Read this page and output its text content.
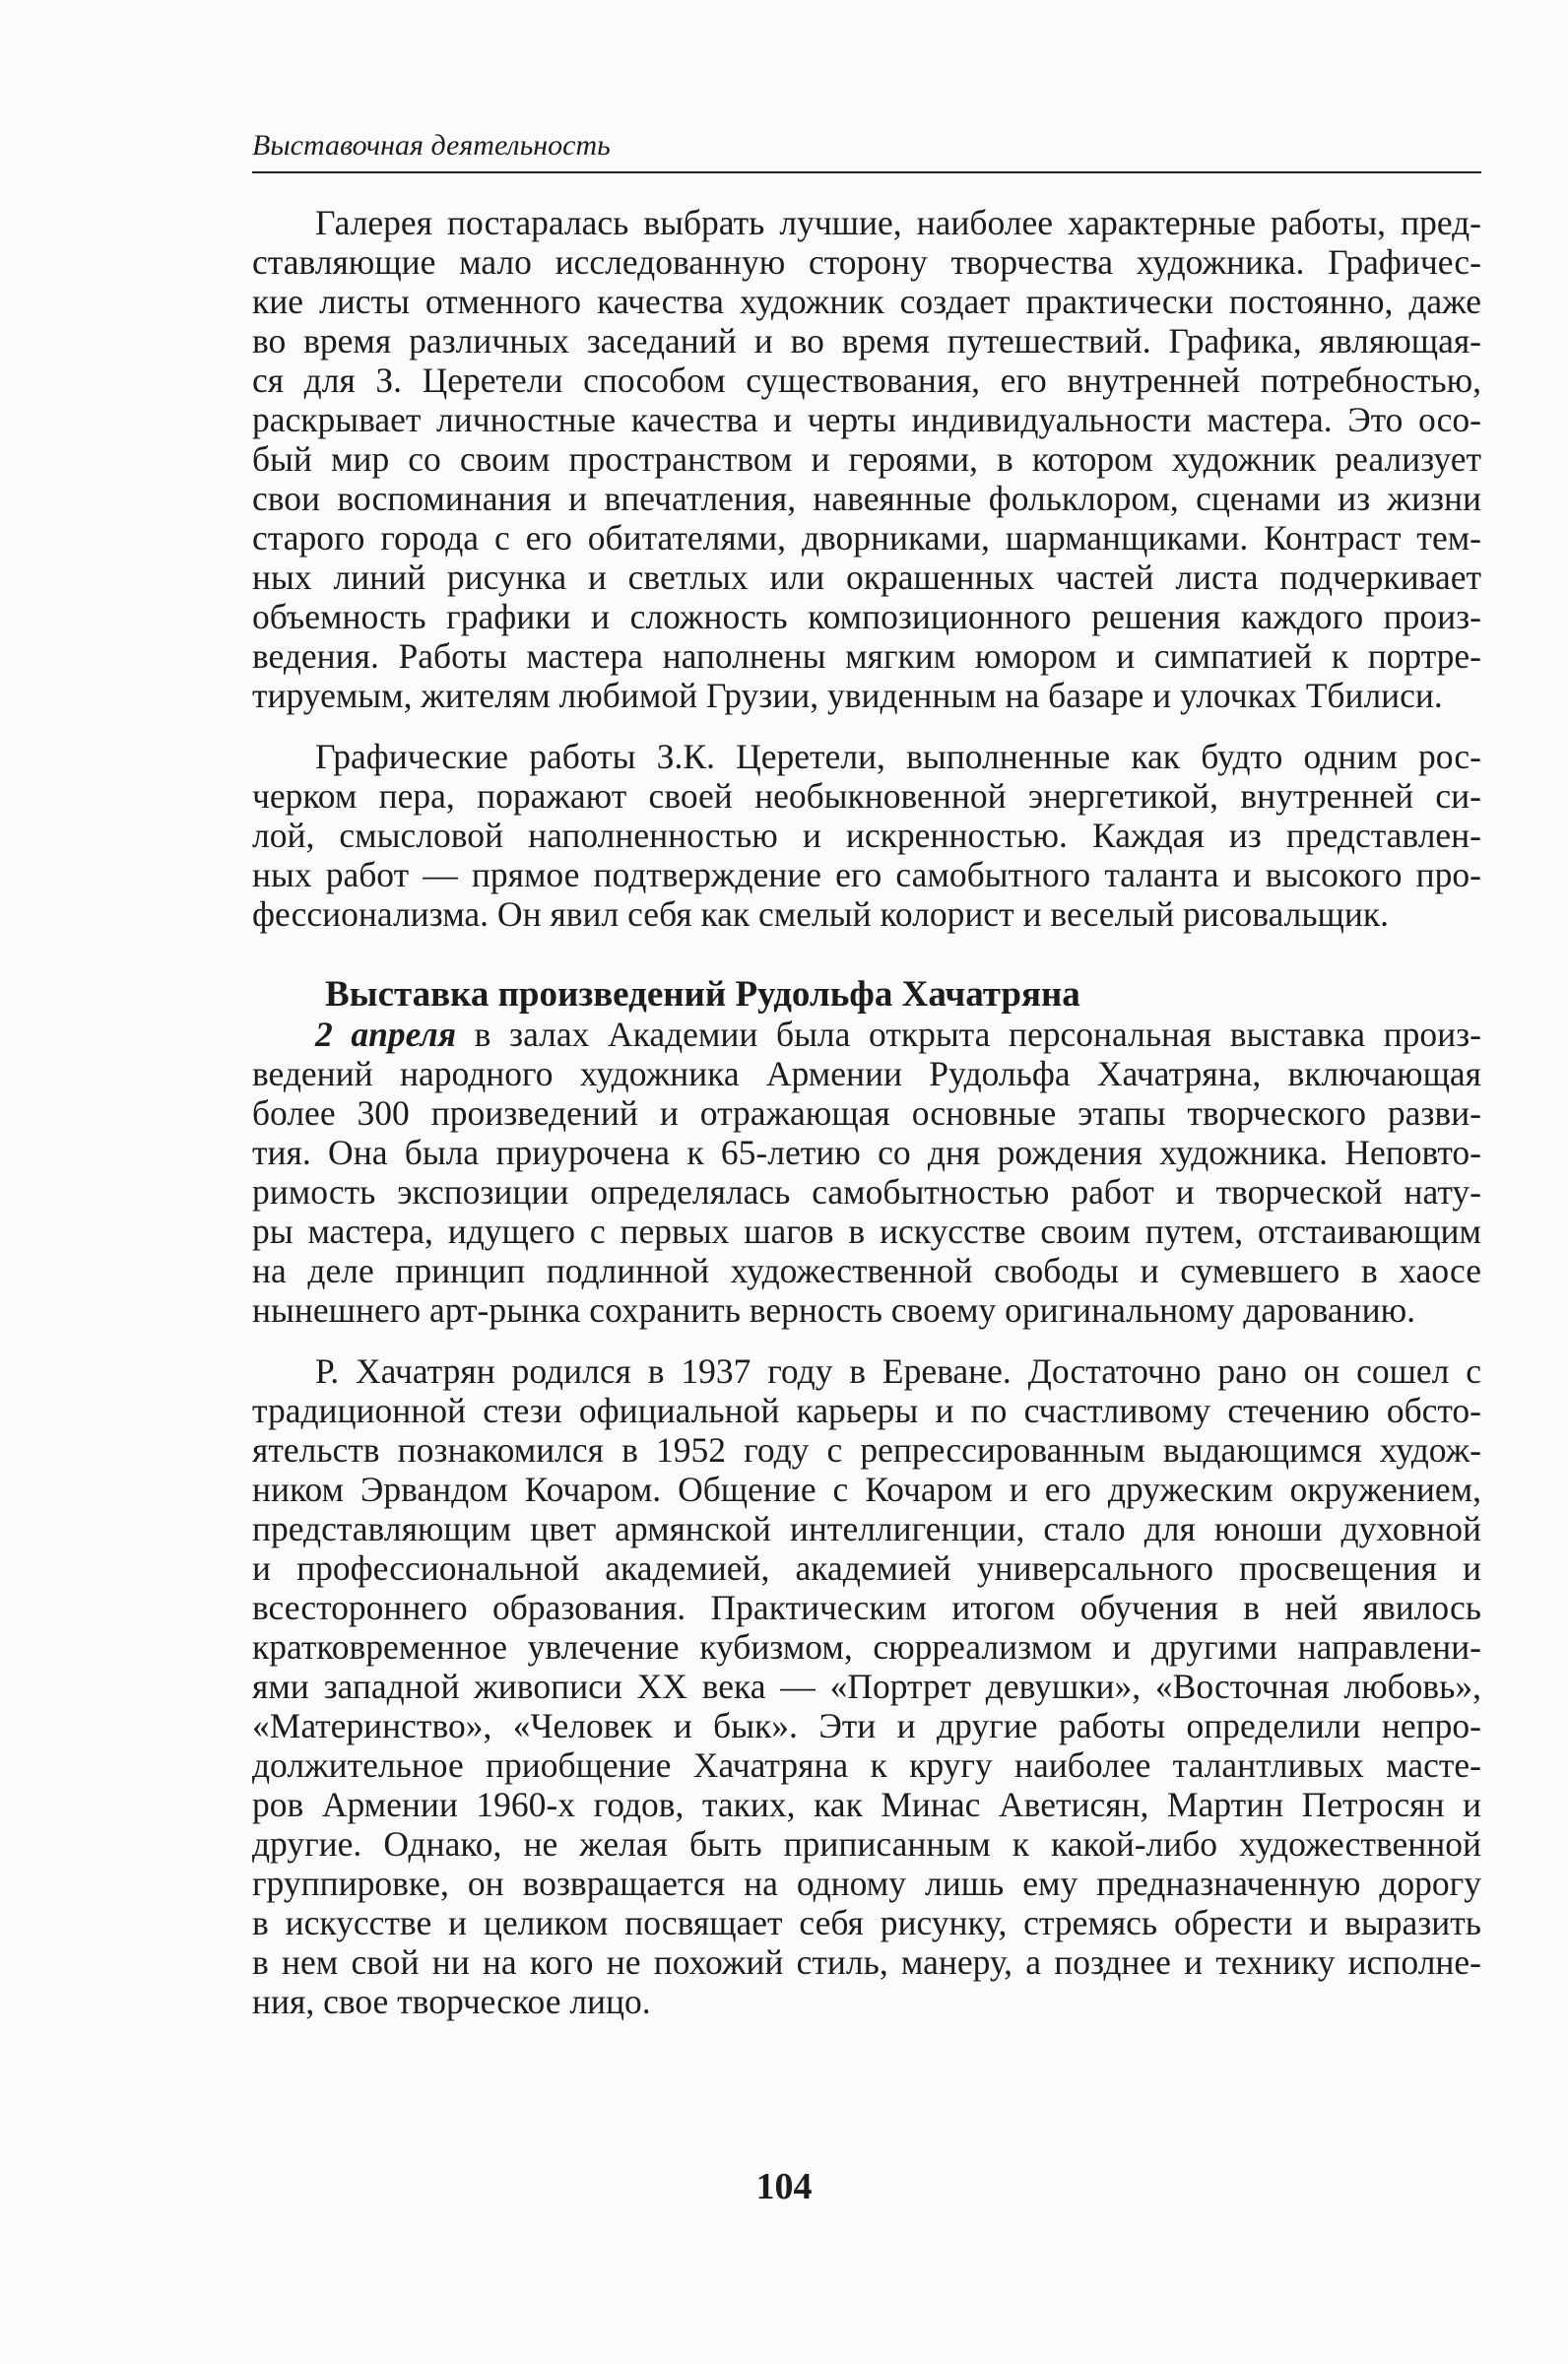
Выставочная деятельность
Галерея постаралась выбрать лучшие, наиболее характерные работы, пред-
ставляющие мало исследованную сторону творчества художника. Графичес-
кие листы отменного качества художник создает практически постоянно, даже
во время различных заседаний и во время путешествий. Графика, являющая-
ся для З. Церетели способом существования, его внутренней потребностью,
раскрывает личностные качества и черты индивидуальности мастера. Это осо-
бый мир со своим пространством и героями, в котором художник реализует
свои воспоминания и впечатления, навеянные фольклором, сценами из жизни
старого города с его обитателями, дворниками, шарманщиками. Контраст тем-
ных линий рисунка и светлых или окрашенных частей листа подчеркивает
объемность графики и сложность композиционного решения каждого произ-
ведения. Работы мастера наполнены мягким юмором и симпатией к портре-
тируемым, жителям любимой Грузии, увиденным на базаре и улочках Тбилиси.
Графические работы З.К. Церетели, выполненные как будто одним рос-
черком пера, поражают своей необыкновенной энергетикой, внутренней си-
лой, смысловой наполненностью и искренностью. Каждая из представлен-
ных работ — прямое подтверждение его самобытного таланта и высокого про-
фессионализма. Он явил себя как смелый колорист и веселый рисовальщик.
Выставка произведений Рудольфа Хачатряна
2 апреля в залах Академии была открыта персональная выставка произ-
ведений народного художника Армении Рудольфа Хачатряна, включающая
более 300 произведений и отражающая основные этапы творческого разви-
тия. Она была приурочена к 65-летию со дня рождения художника. Неповто-
римость экспозиции определялась самобытностью работ и творческой нату-
ры мастера, идущего с первых шагов в искусстве своим путем, отстаивающим
на деле принцип подлинной художественной свободы и сумевшего в хаосе
нынешнего арт-рынка сохранить верность своему оригинальному дарованию.
Р. Хачатрян родился в 1937 году в Ереване. Достаточно рано он сошел с
традиционной стези официальной карьеры и по счастливому стечению обсто-
ятельств познакомился в 1952 году с репрессированным выдающимся худож-
ником Эрвандом Кочаром. Общение с Кочаром и его дружеским окружением,
представляющим цвет армянской интеллигенции, стало для юноши духовной
и профессиональной академией, академией универсального просвещения и
всестороннего образования. Практическим итогом обучения в ней явилось
кратковременное увлечение кубизмом, сюрреализмом и другими направлени-
ями западной живописи XX века — «Портрет девушки», «Восточная любовь»,
«Материнство», «Человек и бык». Эти и другие работы определили непро-
должительное приобщение Хачатряна к кругу наиболее талантливых масте-
ров Армении 1960-х годов, таких, как Минас Аветисян, Мартин Петросян и
другие. Однако, не желая быть приписанным к какой-либо художественной
группировке, он возвращается на одному лишь ему предназначенную дорогу
в искусстве и целиком посвящает себя рисунку, стремясь обрести и выразить
в нем свой ни на кого не похожий стиль, манеру, а позднее и технику исполне-
ния, свое творческое лицо.
104
